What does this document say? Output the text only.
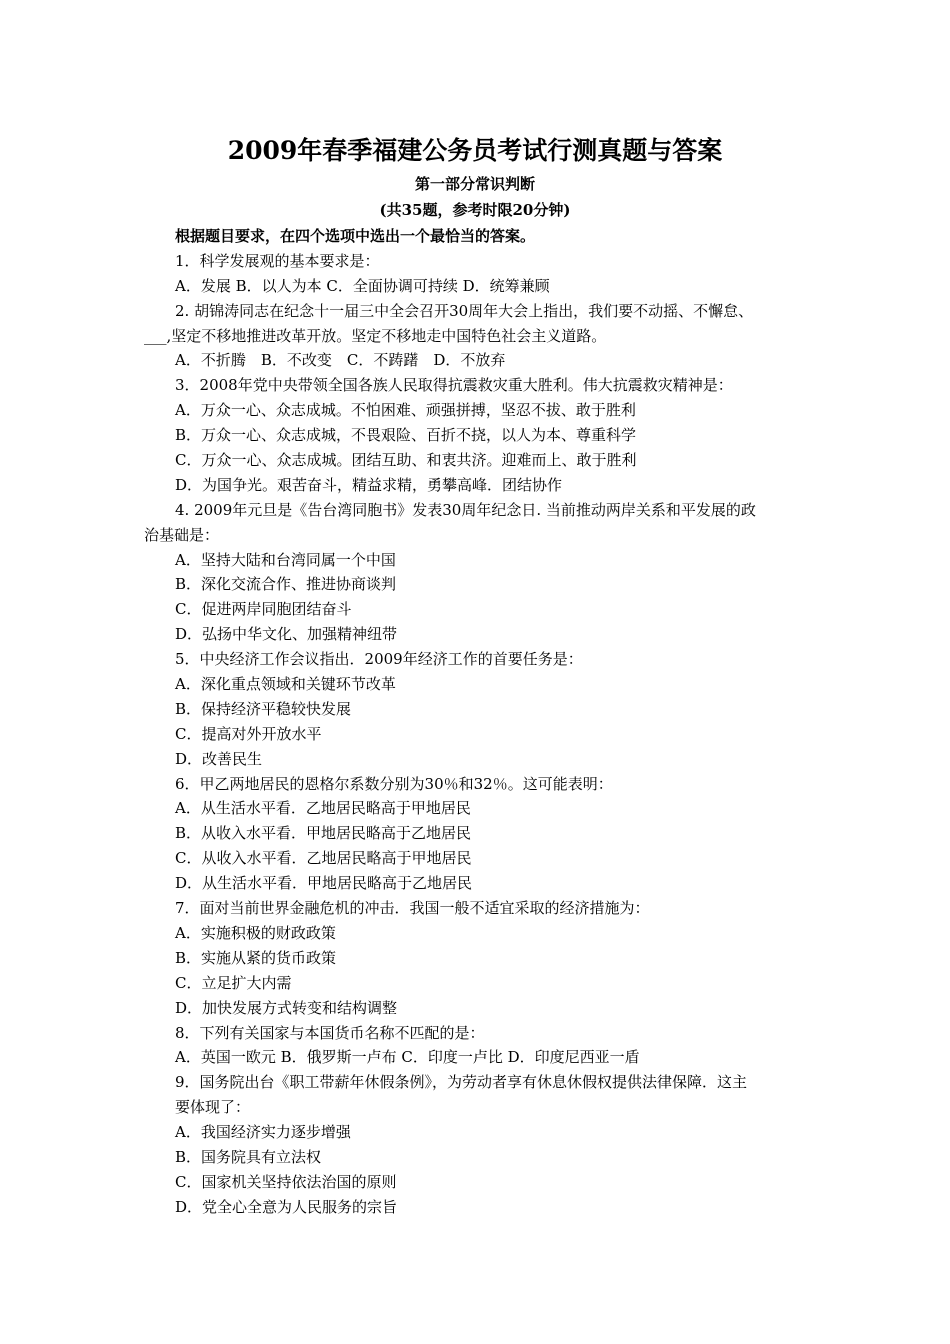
2009年春季福建公务员考试行测真题与答案
第一部分常识判断
(共35题，参考时限20分钟)
根据题目要求，在四个选项中选出一个最恰当的答案。
1．科学发展观的基本要求是：
A．发展 B．以人为本 C．全面协调可持续 D．统筹兼顾
2. 胡锦涛同志在纪念十一届三中全会召开30周年大会上指出，我们要不动摇、不懈怠、
___,坚定不移地推进改革开放。坚定不移地走中国特色社会主义道路。
A．不折腾　B．不改变　C．不踌躇　D．不放弃
3．2008年党中央带领全国各族人民取得抗震救灾重大胜利。伟大抗震救灾精神是：
A．万众一心、众志成城。不怕困难、顽强拼搏，坚忍不拔、敢于胜利
B．万众一心、众志成城，不畏艰险、百折不挠，以人为本、尊重科学
C．万众一心、众志成城。团结互助、和衷共济。迎难而上、敢于胜利
D．为国争光。艰苦奋斗，精益求精，勇攀高峰．团结协作
4. 2009年元旦是《告台湾同胞书》发表30周年纪念日. 当前推动两岸关系和平发展的政
治基础是：
A．坚持大陆和台湾同属一个中国
B．深化交流合作、推进协商谈判
C．促进两岸同胞团结奋斗
D．弘扬中华文化、加强精神纽带
5．中央经济工作会议指出．2009年经济工作的首要任务是：
A．深化重点领域和关键环节改革
B．保持经济平稳较快发展
C．提高对外开放水平
D．改善民生
6．甲乙两地居民的恩格尔系数分别为30％和32％。这可能表明：
A．从生活水平看．乙地居民略高于甲地居民
B．从收入水平看．甲地居民略高于乙地居民
C．从收入水平看．乙地居民略高于甲地居民
D．从生活水平看．甲地居民略高于乙地居民
7．面对当前世界金融危机的冲击．我国一般不适宜采取的经济措施为：
A．实施积极的财政政策
B．实施从紧的货币政策
C．立足扩大内需
D．加快发展方式转变和结构调整
8．下列有关国家与本国货币名称不匹配的是：
A．英国一欧元 B．俄罗斯一卢布 C．印度一卢比 D．印度尼西亚一盾
9．国务院出台《职工带薪年休假条例》，为劳动者享有休息休假权提供法律保障．这主
要体现了：
A．我国经济实力逐步增强
B．国务院具有立法权
C．国家机关坚持依法治国的原则
D．党全心全意为人民服务的宗旨
